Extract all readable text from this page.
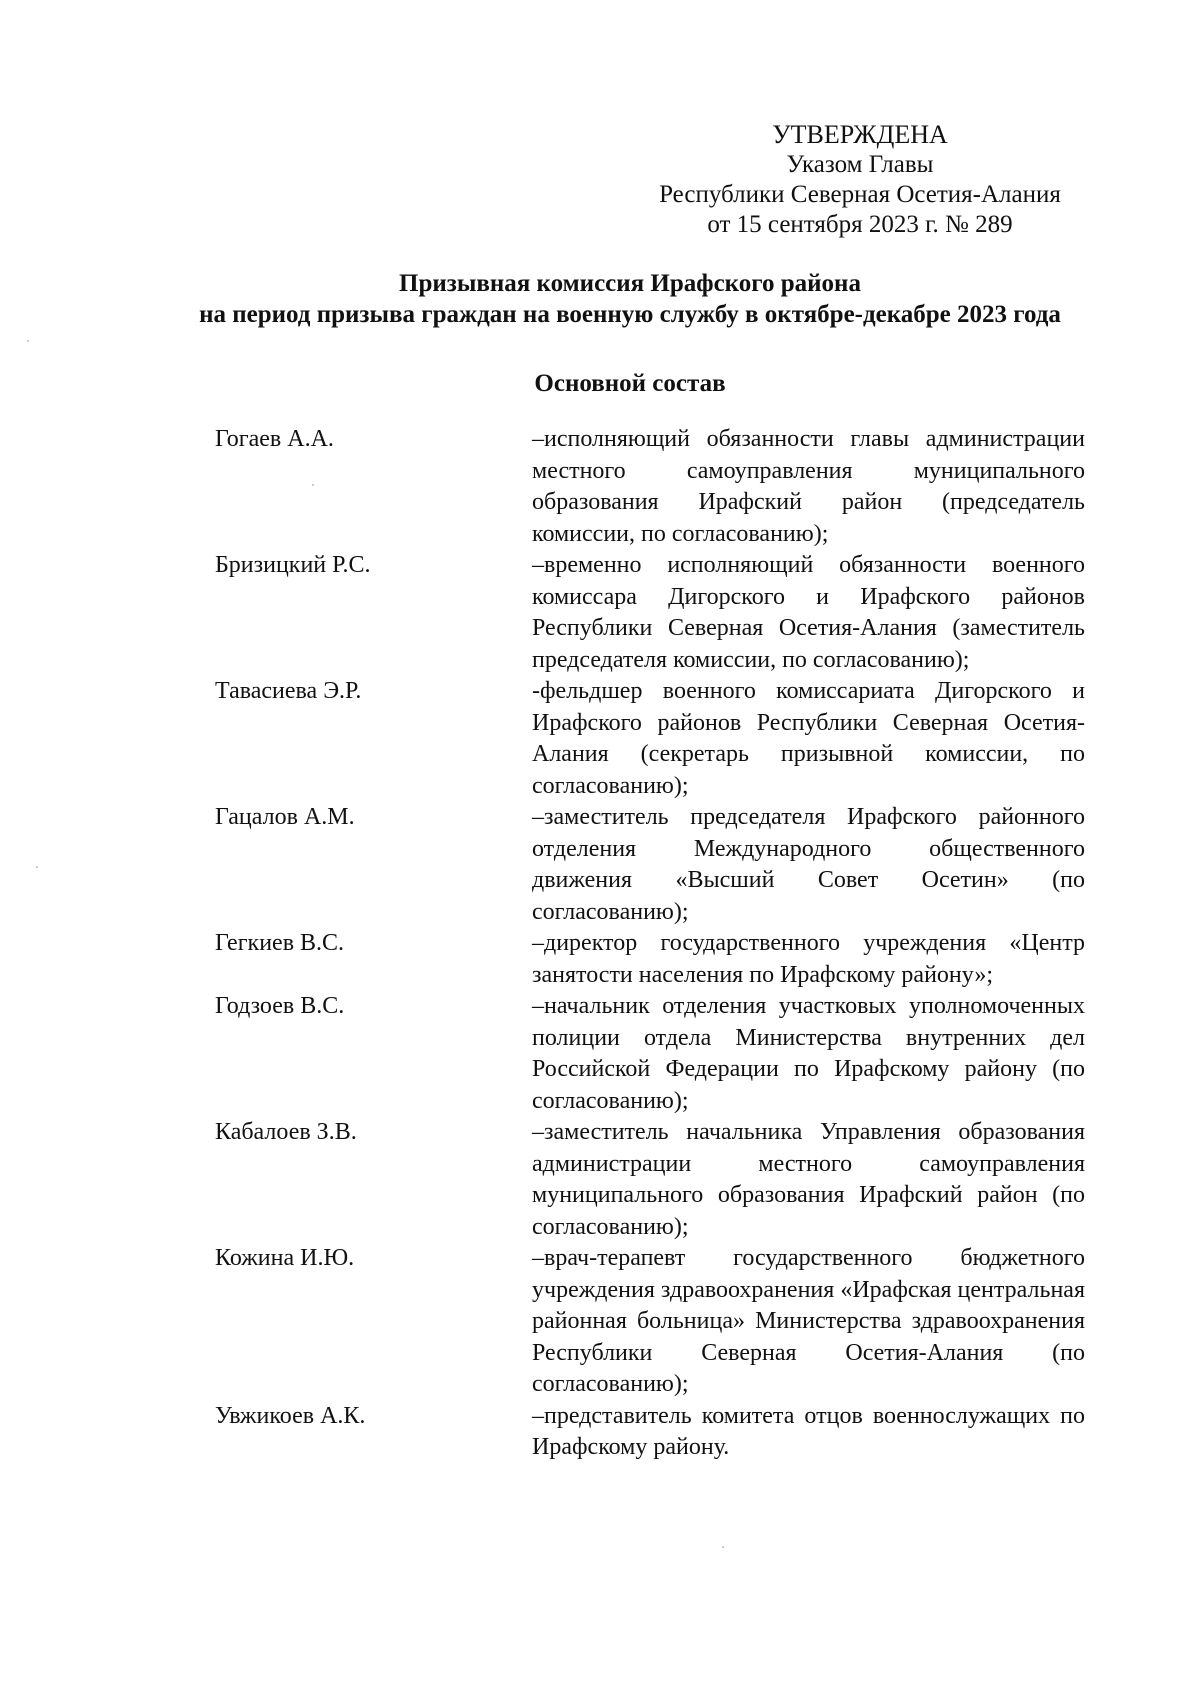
УТВЕРЖДЕНА
Указом Главы
Республики Северная Осетия-Алания
от 15 сентября 2023 г. № 289
Призывная комиссия Ирафского района
на период призыва граждан на военную службу в октябре-декабре 2023 года
Основной состав
Гогаев А.А.	–исполняющий обязанности главы администрации местного самоуправления муниципального образования Ирафский район (председатель комиссии, по согласованию);
Бризицкий Р.С.	–временно исполняющий обязанности военного комиссара Дигорского и Ирафского районов Республики Северная Осетия-Алания (заместитель председателя комиссии, по согласованию);
Тавасиева Э.Р.	-фельдшер военного комиссариата Дигорского и Ирафского районов Республики Северная Осетия-Алания (секретарь призывной комиссии, по согласованию);
Гацалов А.М.	–заместитель председателя Ирафского районного отделения Международного общественного движения «Высший Совет Осетин» (по согласованию);
Гегкиев В.С.	–директор государственного учреждения «Центр занятости населения по Ирафскому району»;
Годзоев В.С.	–начальник отделения участковых уполномоченных полиции отдела Министерства внутренних дел Российской Федерации по Ирафскому району (по согласованию);
Кабалоев З.В.	–заместитель начальника Управления образования администрации местного самоуправления муниципального образования Ирафский район (по согласованию);
Кожина И.Ю.	–врач-терапевт государственного бюджетного учреждения здравоохранения «Ирафская центральная районная больница» Министерства здравоохранения Республики Северная Осетия-Алания (по согласованию);
Увжикоев А.К.	–представитель комитета отцов военнослужащих по Ирафскому району.
